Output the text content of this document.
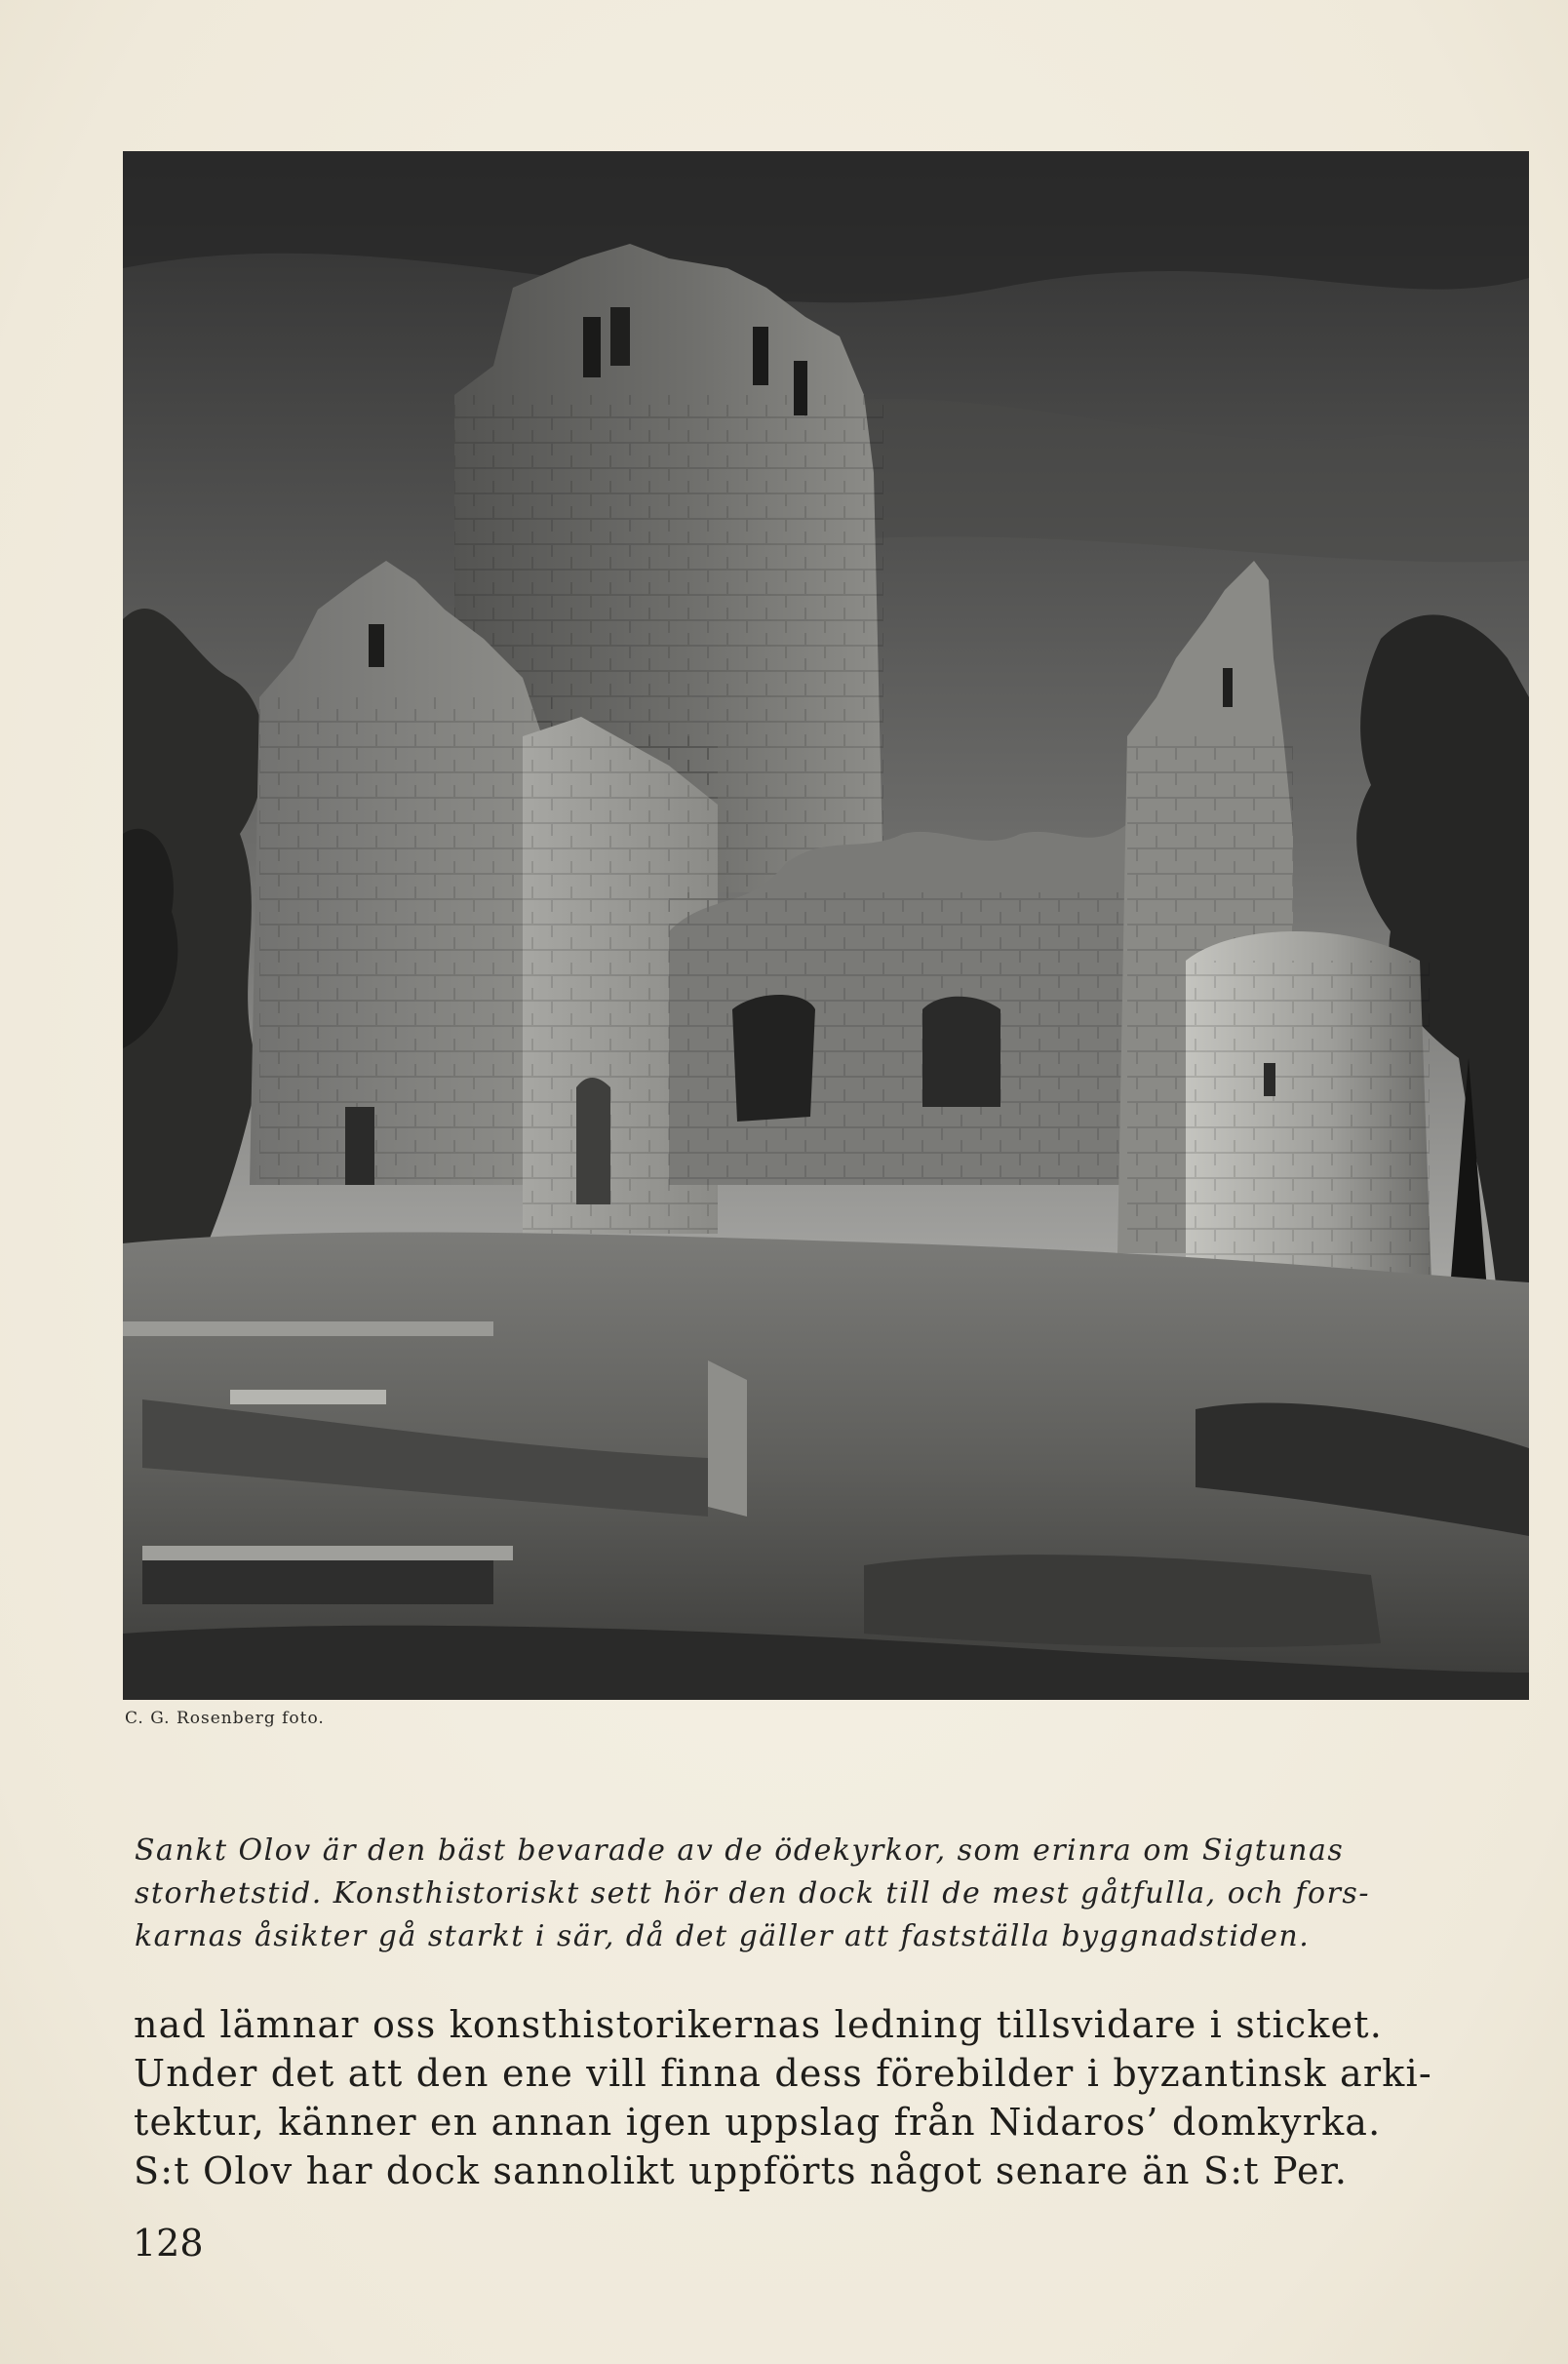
C. G. Rosenberg foto.
Sankt Olov är den bäst bevarade av de ödekyrkor, som erinra om Sigtunas
storhetstid. Konsthistoriskt sett hör den dock till de mest gåtfulla, och fors-
karnas åsikter gå starkt i sär, då det gäller att fastställa byggnadstiden.
nad lämnar oss konsthistorikernas ledning tillsvidare i sticket.
Under det att den ene vill finna dess förebilder i byzantinsk arki-
tektur, känner en annan igen uppslag från Nidaros’ domkyrka.
S:t Olov har dock sannolikt uppförts något senare än S:t Per.
128
